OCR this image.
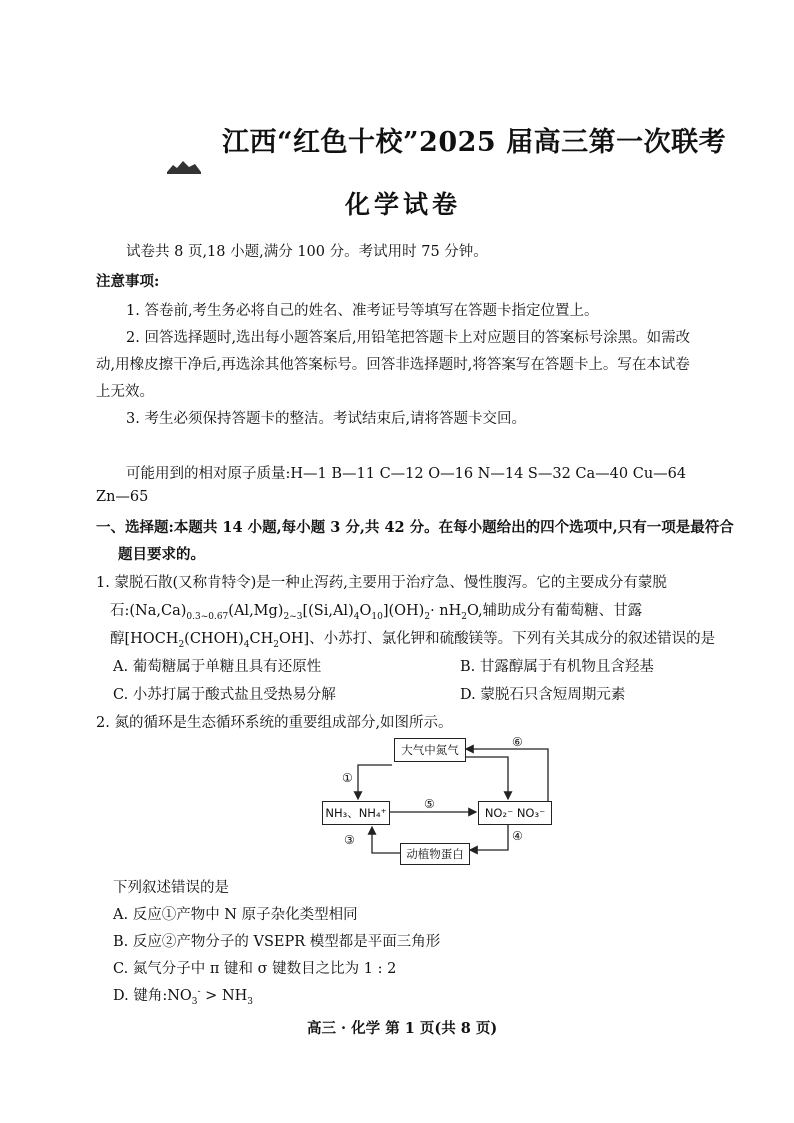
江西“红色十校”2025 届高三第一次联考
化学试卷
试卷共 8 页,18 小题,满分 100 分。考试用时 75 分钟。
注意事项:
1. 答卷前,考生务必将自己的姓名、准考证号等填写在答题卡指定位置上。
2. 回答选择题时,选出每小题答案后,用铅笔把答题卡上对应题目的答案标号涂黑。如需改
动,用橡皮擦干净后,再选涂其他答案标号。回答非选择题时,将答案写在答题卡上。写在本试卷
上无效。
3. 考生必须保持答题卡的整洁。考试结束后,请将答题卡交回。
可能用到的相对原子质量:H—1 B—11 C—12 O—16 N—14 S—32 Ca—40 Cu—64
Zn—65
一、选择题:本题共 14 小题,每小题 3 分,共 42 分。在每小题给出的四个选项中,只有一项是最符合
题目要求的。
1. 蒙脱石散(又称肯特令)是一种止泻药,主要用于治疗急、慢性腹泻。它的主要成分有蒙脱
石$:(Na,Ca)_{0.3\sim 0.67}(Al,Mg)_{2\sim 3}[(Si,Al)_4O_{10}](OH)_2\cdot nH_2O$,辅助成分有葡萄糖、甘露
醇$[HOCH_2(CHOH)_4CH_2OH]$、小苏打、氯化钾和硫酸镁等。下列有关其成分的叙述错误的是
A. 葡萄糖属于单糖且具有还原性	B. 甘露醇属于有机物且含羟基
C. 小苏打属于酸式盐且受热易分解	D. 蒙脱石只含短周期元素
2. 氮的循环是生态循环系统的重要组成部分,如图所示。
大气中氮气
NH₃、NH₄⁺	NO₂⁻ NO₃⁻
动植物蛋白
①
③	④
⑤
⑥
下列叙述错误的是
A. 反应①产物中 N 原子杂化类型相同
B. 反应②产物分子的 VSEPR 模型都是平面三角形
C. 氮气分子中 π 键和 σ 键数目之比为 1 : 2
D. 键角$:NO_3^- > NH_3$
高三 · 化学 第 1 页(共 8 页)
